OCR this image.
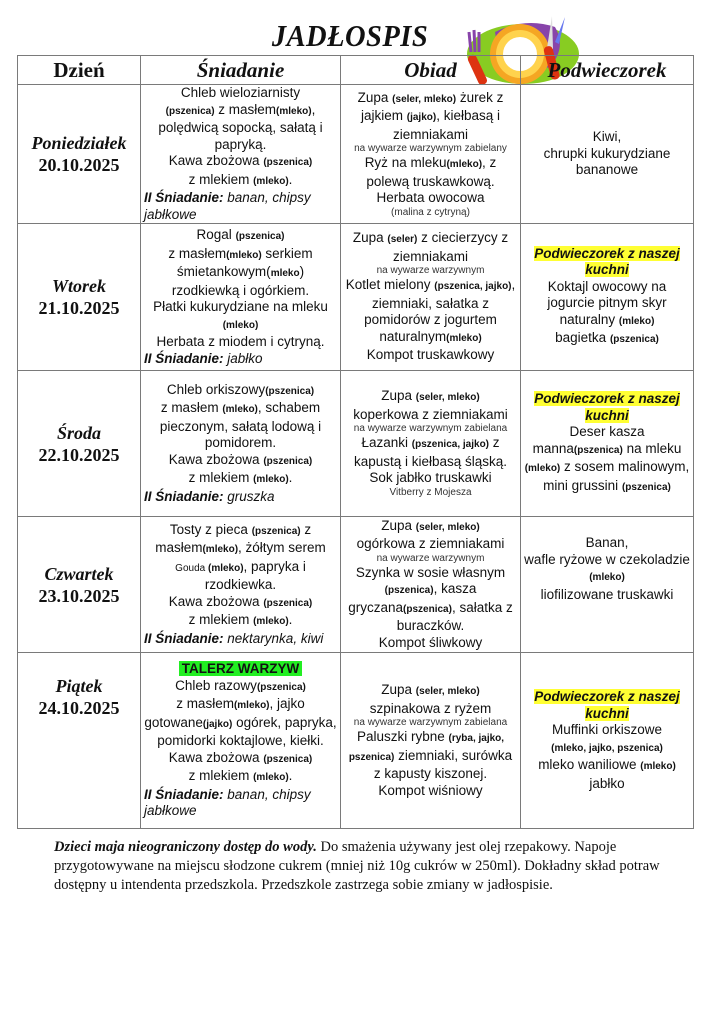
JADŁOSPIS
Dzień	Śniadanie	Obiad	Podwieczorek

Poniedziałek
20.10.2025	Chleb wieloziarnisty
(pszenica) z masłem(mleko), polędwicą sopocką, sałatą i papryką.
Kawa zbożowa (pszenica)
z mlekiem (mleko).
II Śniadanie: banan, chipsy jabłkowe	Zupa (seler, mleko) żurek z jajkiem (jajko), kiełbasą i ziemniakami
na wywarze warzywnym zabielany
Ryż na mleku(mleko), z polewą truskawkową.
Herbata owocowa
(malina z cytryną)	Kiwi,
chrupki kukurydziane bananowe

Wtorek
21.10.2025	Rogal (pszenica)
z masłem(mleko) serkiem śmietankowym(mleko)
rzodkiewką i ogórkiem.
Płatki kukurydziane na mleku (mleko)
Herbata z miodem i cytryną.
II Śniadanie: jabłko
	Zupa (seler) z ciecierzycy z ziemniakami
na wywarze warzywnym
Kotlet mielony (pszenica, jajko), ziemniaki, sałatka z pomidorów z jogurtem naturalnym(mleko)
Kompot truskawkowy	Podwieczorek z naszej kuchni
Koktajl owocowy na jogurcie pitnym skyr naturalny (mleko)
bagietka (pszenica)

Środa
22.10.2025	Chleb orkiszowy(pszenica)
z masłem (mleko), schabem pieczonym, sałatą lodową i pomidorem.
Kawa zbożowa (pszenica)
z mlekiem (mleko).
II Śniadanie: gruszka
	Zupa (seler, mleko)
koperkowa z ziemniakami
na wywarze warzywnym zabielana
Łazanki (pszenica, jajko) z kapustą i kiełbasą śląską.
Sok jabłko truskawki
Vitberry z Mojesza
	Podwieczorek z naszej kuchni
Deser kasza manna(pszenica) na mleku (mleko) z sosem malinowym, mini grussini (pszenica)

Czwartek
23.10.2025	Tosty z pieca (pszenica) z masłem(mleko), żółtym serem Gouda (mleko), papryka i rzodkiewka.
Kawa zbożowa (pszenica)
z mlekiem (mleko).
II Śniadanie: nektarynka, kiwi	Zupa (seler, mleko)
ogórkowa z ziemniakami
na wywarze warzywnym
Szynka w sosie własnym (pszenica), kasza gryczana(pszenica), sałatka z buraczków.
Kompot śliwkowy	Banan,
wafle ryżowe w czekoladzie (mleko)
liofilizowane truskawki

Piątek
24.10.2025	TALERZ WARZYW
Chleb razowy(pszenica)
z masłem(mleko), jajko gotowane(jajko) ogórek, papryka, pomidorki koktajlowe, kiełki.
Kawa zbożowa (pszenica)
z mlekiem (mleko).
II Śniadanie: banan, chipsy jabłkowe
	Zupa (seler, mleko)
szpinakowa z ryżem
na wywarze warzywnym zabielana
Paluszki rybne (ryba, jajko, pszenica) ziemniaki, surówka z kapusty kiszonej.
Kompot wiśniowy	Podwieczorek z naszej kuchni
Muffinki orkiszowe
(mleko, jajko, pszenica)
mleko waniliowe (mleko)
jabłko
Dzieci maja nieograniczony dostęp do wody. Do smażenia używany jest olej rzepakowy. Napoje przygotowywane na miejscu słodzone cukrem (mniej niż 10g cukrów w 250ml). Dokładny skład potraw dostępny u intendenta przedszkola. Przedszkole zastrzega sobie zmiany w jadłospisie.
